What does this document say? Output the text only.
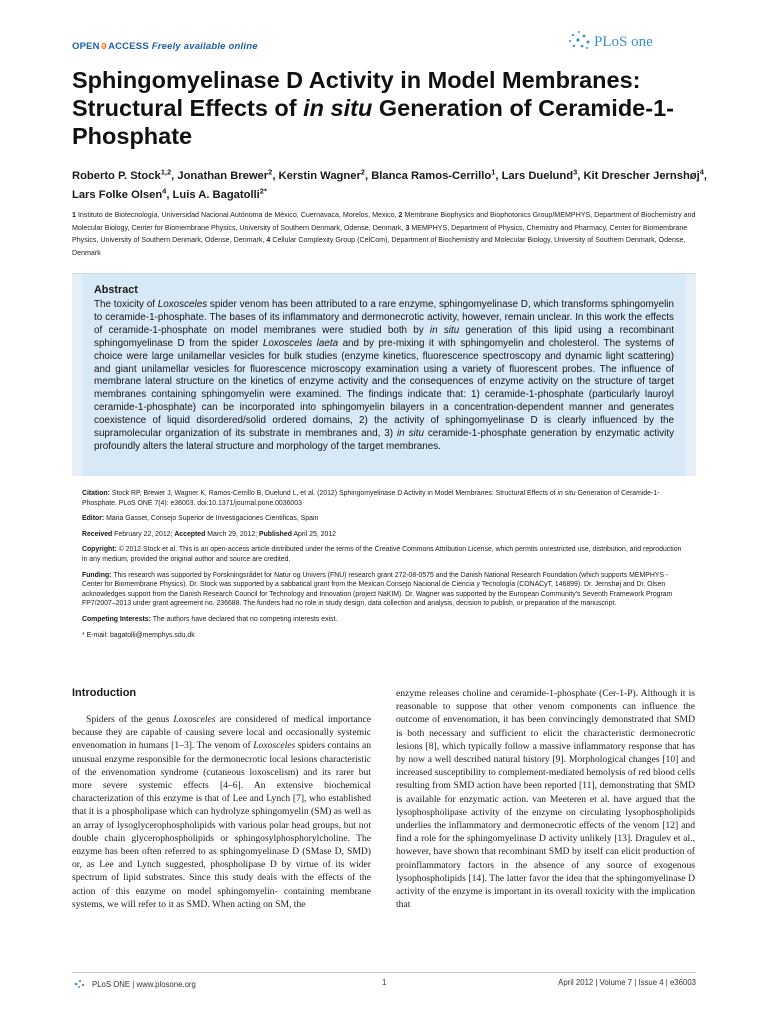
OPENəACCESS Freely available online	PLoS one
Sphingomyelinase D Activity in Model Membranes:
Structural Effects of in situ Generation of Ceramide-1-
Phosphate
Roberto P. Stock$^{1,2}$, Jonathan Brewer$^2$, Kerstin Wagner$^2$, Blanca Ramos-Cerrillo$^1$, Lars Duelund$^3$, Kit Drescher Jernshøj$^4$, Lars Folke Olsen$^4$, Luis A. Bagatolli$^{2*}$
1 Instituto de Biotecnología, Universidad Nacional Autónoma de México, Cuernavaca, Morelos, Mexico, 2 Membrane Biophysics and Biophotonics Group/MEMPHYS, Department of Biochemistry and Molecular Biology, Center for Biomembrane Physics, University of Southern Denmark, Odense, Denmark, 3 MEMPHYS, Department of Physics, Chemistry and Pharmacy, Center for Biomembrane Physics, University of Southern Denmark, Odense, Denmark, 4 Cellular Complexity Group (CelCom), Department of Biochemistry and Molecular Biology, University of Southern Denmark, Odense, Denmark
Abstract
The toxicity of Loxosceles spider venom has been attributed to a rare enzyme, sphingomyelinase D, which transforms sphingomyelin to ceramide-1-phosphate. The bases of its inflammatory and dermonecrotic activity, however, remain unclear. In this work the effects of ceramide-1-phosphate on model membranes were studied both by in situ generation of this lipid using a recombinant sphingomyelinase D from the spider Loxosceles laeta and by pre-mixing it with sphingomyelin and cholesterol. The systems of choice were large unilamellar vesicles for bulk studies (enzyme kinetics, fluorescence spectroscopy and dynamic light scattering) and giant unilamellar vesicles for fluorescence microscopy examination using a variety of fluorescent probes. The influence of membrane lateral structure on the kinetics of enzyme activity and the consequences of enzyme activity on the structure of target membranes containing sphingomyelin were examined. The findings indicate that: 1) ceramide-1-phosphate (particularly lauroyl ceramide-1-phosphate) can be incorporated into sphingomyelin bilayers in a concentration-dependent manner and generates coexistence of liquid disordered/solid ordered domains, 2) the activity of sphingomyelinase D is clearly influenced by the supramolecular organization of its substrate in membranes and, 3) in situ ceramide-1-phosphate generation by enzymatic activity profoundly alters the lateral structure and morphology of the target membranes.

Citation: Stock RP, Brewer J, Wagner K, Ramos-Cerrillo B, Duelund L, et al. (2012) Sphingomyelinase D Activity in Model Membranes: Structural Effects of in situ Generation of Ceramide-1-Phosphate. PLoS ONE 7(4): e36003. doi:10.1371/journal.pone.0036003

Editor: Maria Gasset, Consejo Superior de Investigaciones Cientificas, Spain

Received February 22, 2012; Accepted March 29, 2012; Published April 25, 2012

Copyright: © 2012 Stock et al. This is an open-access article distributed under the terms of the Creative Commons Attribution License, which permits unrestricted use, distribution, and reproduction in any medium, provided the original author and source are credited.

Funding: This research was supported by Forskningsrådet for Natur og Univers (FNU) research grant 272-08-0575 and the Danish National Research Foundation (which supports MEMPHYS - Center for Biomembrane Physics). Dr. Stock was supported by a sabbatical grant from the Mexican Consejo Nacional de Ciencia y Tecnología (CONACyT, 146899). Dr. Jernshøj and Dr. Olsen acknowledges support from the Danish Research Council for Technology and Innovation (project NaKIM). Dr. Wagner was supported by the European Community's Seventh Framework Program FP7/2007–2013 under grant agreement no. 236688. The funders had no role in study design, data collection and analysis, decision to publish, or preparation of the manuscript.

Competing Interests: The authors have declared that no competing interests exist.

* E-mail: bagatolli@memphys.sdu.dk

Introduction
Spiders of the genus Loxosceles are considered of medical importance because they are capable of causing severe local and occasionally systemic envenomation in humans [1–3]. The venom of Loxosceles spiders contains an unusual enzyme responsible for the dermonecrotic local lesions characteristic of the envenomation syndrome (cutaneous loxoscelism) and its rarer but more severe systemic effects [4–6]. An extensive biochemical characterization of this enzyme is that of Lee and Lynch [7], who established that it is a phospholipase which can hydrolyze sphingomyelin (SM) as well as an array of lysoglycerophospholipids with various polar head groups, but not double chain glycerophospholipids or sphingosylphosphorylcholine. The enzyme has been often referred to as sphingomyelinase D (SMase D, SMD) or, as Lee and Lynch suggested, phospholipase D by virtue of its wider spectrum of lipid substrates. Since this study deals with the effects of the action of this enzyme on model sphingomyelin- containing membrane systems, we will refer to it as SMD. When acting on SM, the
enzyme releases choline and ceramide-1-phosphate (Cer-1-P). Although it is reasonable to suppose that other venom components can influence the outcome of envenomation, it has been convincingly demonstrated that SMD is both necessary and sufficient to elicit the characteristic dermonecrotic lesions [8], which typically follow a massive inflammatory response that has by now a well described natural history [9]. Morphological changes [10] and increased susceptibility to complement-mediated hemolysis of red blood cells resulting from SMD action have been reported [11], demonstrating that SMD is available for enzymatic action. van Meeteren et al. have argued that the lysophospholipase activity of the enzyme on circulating lysophospholipids underlies the inflammatory and dermonecrotic effects of the venom [12] and find a role for the sphingomyelinase D activity unlikely [13]. Dragulev et al., however, have shown that recombinant SMD by itself can elicit production of proinflammatory factors in the absence of any source of exogenous lysophospholipids [14]. The latter favor the idea that the sphingomyelinase D activity of the enzyme is important in its overall toxicity with the implication that
PLoS ONE | www.plosone.org	1	April 2012 | Volume 7 | Issue 4 | e36003
